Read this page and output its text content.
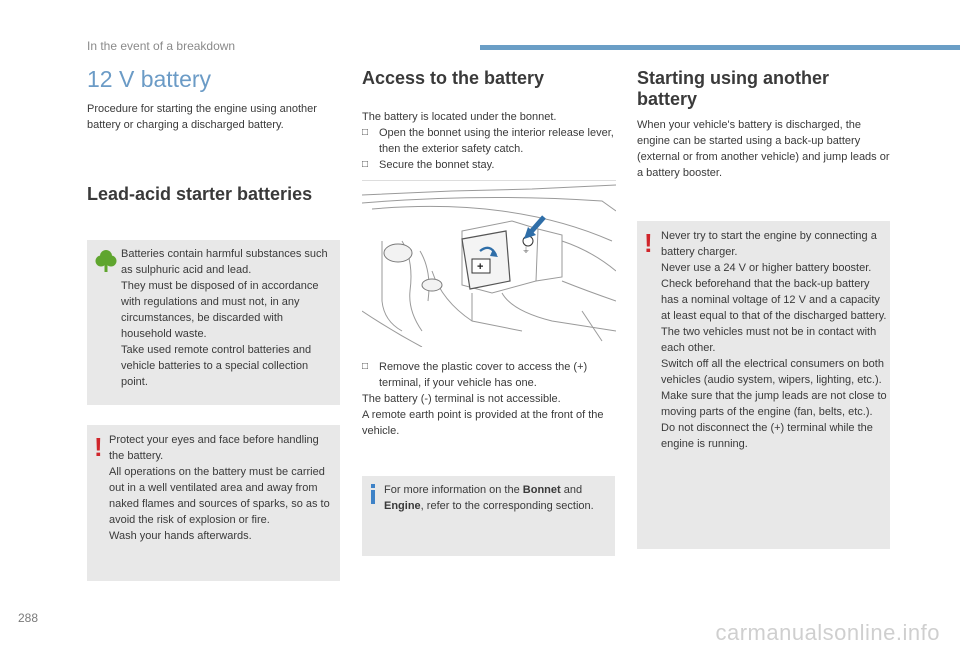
In the event of a breakdown
12 V battery
Procedure for starting the engine using another battery or charging a discharged battery.
Lead-acid starter batteries

Batteries contain harmful substances such as sulphuric acid and lead.

They must be disposed of in accordance with regulations and must not, in any circumstances, be discarded with household waste.

Take used remote control batteries and vehicle batteries to a special collection point.

! Protect your eyes and face before handling the battery.

All operations on the battery must be carried out in a well ventilated area and away from naked flames and sources of sparks, so as to avoid the risk of explosion or fire.

Wash your hands afterwards.

Access to the battery

The battery is located under the bonnet.

□ Open the bonnet using the interior release lever, then the exterior safety catch.
□ Secure the bonnet stay.
+
⏚
□ Remove the plastic cover to access the (+) terminal, if your vehicle has one.

The battery (-) terminal is not accessible.

A remote earth point is provided at the front of the vehicle.

For more information on the Bonnet and Engine, refer to the corresponding section.
Starting using another battery
When your vehicle's battery is discharged, the engine can be started using a back-up battery (external or from another vehicle) and jump leads or a battery booster.
! Never try to start the engine by connecting a battery charger.

Never use a 24 V or higher battery booster.

Check beforehand that the back-up battery has a nominal voltage of 12 V and a capacity at least equal to that of the discharged battery.

The two vehicles must not be in contact with each other.

Switch off all the electrical consumers on both vehicles (audio system, wipers, lighting, etc.).

Make sure that the jump leads are not close to moving parts of the engine (fan, belts, etc.).

Do not disconnect the (+) terminal while the engine is running.

288
carmanualsonline.info
